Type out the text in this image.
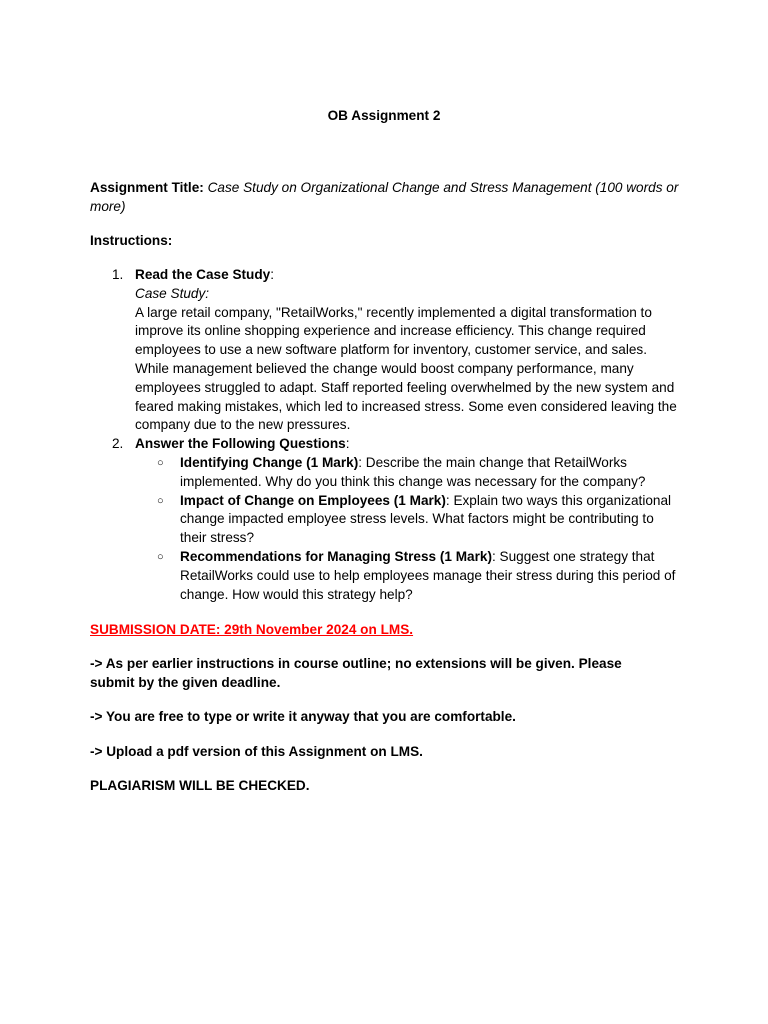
OB Assignment 2

Assignment Title: Case Study on Organizational Change and Stress Management (100 words or more)

Instructions:

1. Read the Case Study:
Case Study:
A large retail company, "RetailWorks," recently implemented a digital transformation to improve its online shopping experience and increase efficiency. This change required employees to use a new software platform for inventory, customer service, and sales. While management believed the change would boost company performance, many employees struggled to adapt. Staff reported feeling overwhelmed by the new system and feared making mistakes, which led to increased stress. Some even considered leaving the company due to the new pressures.
2. Answer the Following Questions:
○ Identifying Change (1 Mark): Describe the main change that RetailWorks implemented. Why do you think this change was necessary for the company?
○ Impact of Change on Employees (1 Mark): Explain two ways this organizational change impacted employee stress levels. What factors might be contributing to their stress?
○ Recommendations for Managing Stress (1 Mark): Suggest one strategy that RetailWorks could use to help employees manage their stress during this period of change. How would this strategy help?

SUBMISSION DATE: 29th November 2024 on LMS.

-> As per earlier instructions in course outline; no extensions will be given. Please submit by the given deadline.

-> You are free to type or write it anyway that you are comfortable.

-> Upload a pdf version of this Assignment on LMS.

PLAGIARISM WILL BE CHECKED.
